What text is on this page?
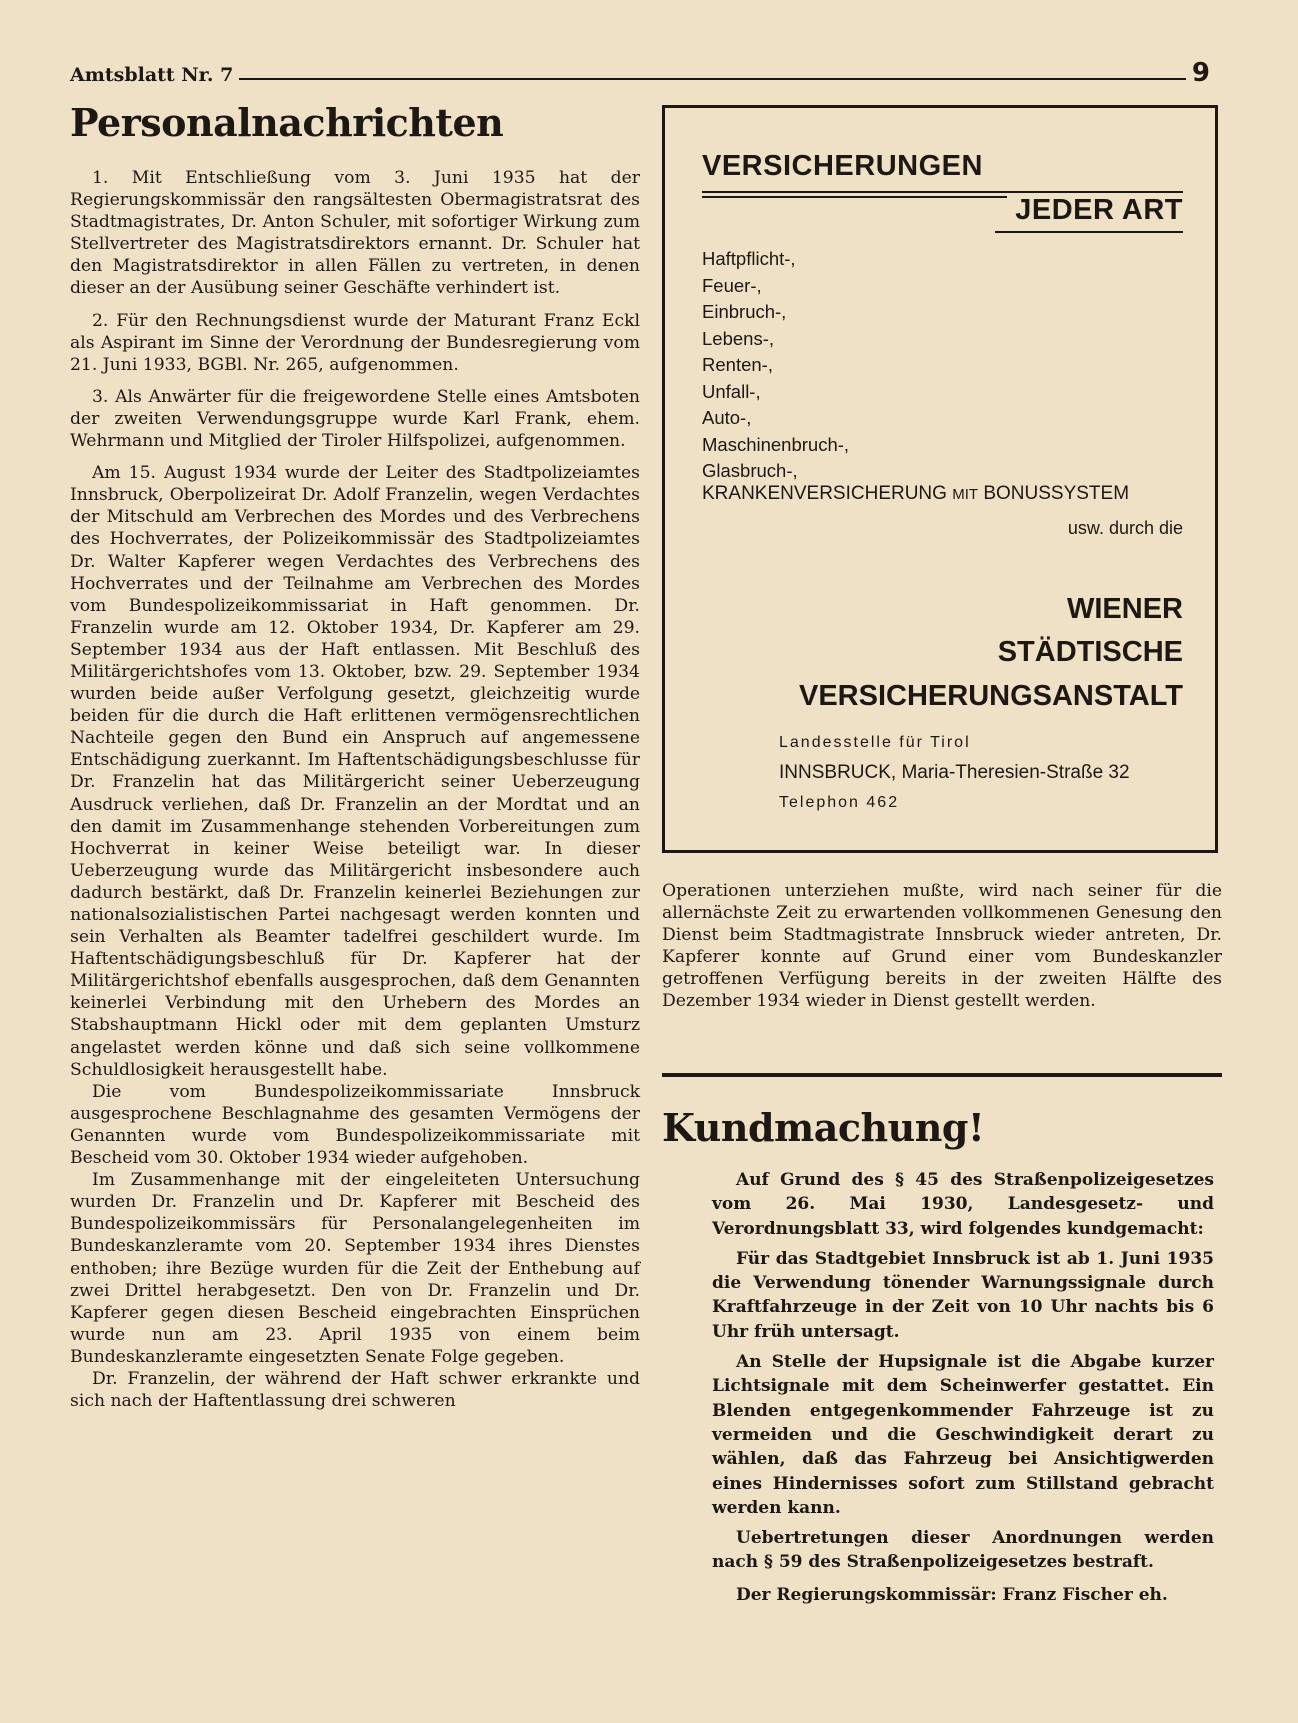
Amtsblatt Nr. 7	9
Personalnachrichten

1. Mit Entschließung vom 3. Juni 1935 hat der Regierungskommissär den rangsältesten Obermagistratsrat des Stadtmagistrates, Dr. Anton Schuler, mit sofortiger Wirkung zum Stellvertreter des Magistratsdirektors ernannt. Dr. Schuler hat den Magistratsdirektor in allen Fällen zu vertreten, in denen dieser an der Ausübung seiner Geschäfte verhindert ist.

2. Für den Rechnungsdienst wurde der Maturant Franz Eckl als Aspirant im Sinne der Verordnung der Bundesregierung vom 21. Juni 1933, BGBl. Nr. 265, aufgenommen.

3. Als Anwärter für die freigewordene Stelle eines Amtsboten der zweiten Verwendungsgruppe wurde Karl Frank, ehem. Wehrmann und Mitglied der Tiroler Hilfspolizei, aufgenommen.

Am 15. August 1934 wurde der Leiter des Stadtpolizeiamtes Innsbruck, Oberpolizeirat Dr. Adolf Franzelin, wegen Verdachtes der Mitschuld am Verbrechen des Mordes und des Verbrechens des Hochverrates, der Polizeikommissär des Stadtpolizeiamtes Dr. Walter Kapferer wegen Verdachtes des Verbrechens des Hochverrates und der Teilnahme am Verbrechen des Mordes vom Bundespolizeikommissariat in Haft genommen. Dr. Franzelin wurde am 12. Oktober 1934, Dr. Kapferer am 29. September 1934 aus der Haft entlassen. Mit Beschluß des Militärgerichtshofes vom 13. Oktober, bzw. 29. September 1934 wurden beide außer Verfolgung gesetzt, gleichzeitig wurde beiden für die durch die Haft erlittenen vermögensrechtlichen Nachteile gegen den Bund ein Anspruch auf angemessene Entschädigung zuerkannt. Im Haftentschädigungsbeschlusse für Dr. Franzelin hat das Militärgericht seiner Ueberzeugung Ausdruck verliehen, daß Dr. Franzelin an der Mordtat und an den damit im Zusammenhange stehenden Vorbereitungen zum Hochverrat in keiner Weise beteiligt war. In dieser Ueberzeugung wurde das Militärgericht insbesondere auch dadurch bestärkt, daß Dr. Franzelin keinerlei Beziehungen zur nationalsozialistischen Partei nachgesagt werden konnten und sein Verhalten als Beamter tadelfrei geschildert wurde. Im Haftentschädigungsbeschluß für Dr. Kapferer hat der Militärgerichtshof ebenfalls ausgesprochen, daß dem Genannten keinerlei Verbindung mit den Urhebern des Mordes an Stabshauptmann Hickl oder mit dem geplanten Umsturz angelastet werden könne und daß sich seine vollkommene Schuldlosigkeit herausgestellt habe.

Die vom Bundespolizeikommissariate Innsbruck ausgesprochene Beschlagnahme des gesamten Vermögens der Genannten wurde vom Bundespolizeikommissariate mit Bescheid vom 30. Oktober 1934 wieder aufgehoben.

Im Zusammenhange mit der eingeleiteten Untersuchung wurden Dr. Franzelin und Dr. Kapferer mit Bescheid des Bundespolizeikommissärs für Personalangelegenheiten im Bundeskanzleramte vom 20. September 1934 ihres Dienstes enthoben; ihre Bezüge wurden für die Zeit der Enthebung auf zwei Drittel herabgesetzt. Den von Dr. Franzelin und Dr. Kapferer gegen diesen Bescheid eingebrachten Einsprüchen wurde nun am 23. April 1935 von einem beim Bundeskanzleramte eingesetzten Senate Folge gegeben.

Dr. Franzelin, der während der Haft schwer erkrankte und sich nach der Haftentlassung drei schweren

VERSICHERUNGEN
JEDER ART
Haftpflicht-,
Feuer-,
Einbruch-,
Lebens-,
Renten-,
Unfall-,
Auto-,
Maschinenbruch-,
Glasbruch-,
KRANKENVERSICHERUNG MIT BONUSSYSTEM
usw. durch die
WIENER
STÄDTISCHE
VERSICHERUNGSANSTALT
Landesstelle für Tirol
INNSBRUCK, Maria-Theresien-Straße 32
Telephon 462

Operationen unterziehen mußte, wird nach seiner für die allernächste Zeit zu erwartenden vollkommenen Genesung den Dienst beim Stadtmagistrate Innsbruck wieder antreten, Dr. Kapferer konnte auf Grund einer vom Bundeskanzler getroffenen Verfügung bereits in der zweiten Hälfte des Dezember 1934 wieder in Dienst gestellt werden.

Kundmachung!

Auf Grund des § 45 des Straßenpolizeigesetzes vom 26. Mai 1930, Landesgesetz- und Verordnungsblatt 33, wird folgendes kundgemacht:

Für das Stadtgebiet Innsbruck ist ab 1. Juni 1935 die Verwendung tönender Warnungssignale durch Kraftfahrzeuge in der Zeit von 10 Uhr nachts bis 6 Uhr früh untersagt.

An Stelle der Hupsignale ist die Abgabe kurzer Lichtsignale mit dem Scheinwerfer gestattet. Ein Blenden entgegenkommender Fahrzeuge ist zu vermeiden und die Geschwindigkeit derart zu wählen, daß das Fahrzeug bei Ansichtigwerden eines Hindernisses sofort zum Stillstand gebracht werden kann.

Uebertretungen dieser Anordnungen werden nach § 59 des Straßenpolizeigesetzes bestraft.

Der Regierungskommissär: Franz Fischer eh.
